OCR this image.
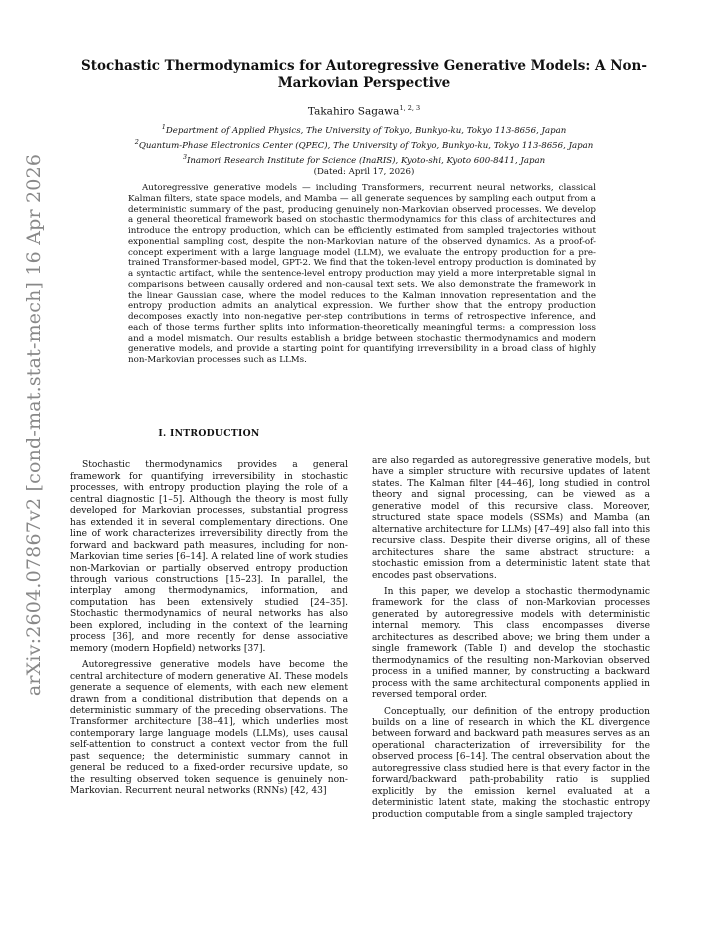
arXiv:2604.07867v2 [cond-mat.stat-mech] 16 Apr 2026
Stochastic Thermodynamics for Autoregressive Generative Models: A Non-Markovian Perspective
Takahiro Sagawa$^{1, 2, 3}$
$^1$Department of Applied Physics, The University of Tokyo, Bunkyo-ku, Tokyo 113-8656, Japan
$^2$Quantum-Phase Electronics Center (QPEC), The University of Tokyo, Bunkyo-ku, Tokyo 113-8656, Japan
$^3$Inamori Research Institute for Science (InaRIS), Kyoto-shi, Kyoto 600-8411, Japan
(Dated: April 17, 2026)
Autoregressive generative models — including Transformers, recurrent neural networks, classical Kalman filters, state space models, and Mamba — all generate sequences by sampling each output from a deterministic summary of the past, producing genuinely non-Markovian observed processes. We develop a general theoretical framework based on stochastic thermodynamics for this class of architectures and introduce the entropy production, which can be efficiently estimated from sampled trajectories without exponential sampling cost, despite the non-Markovian nature of the observed dynamics. As a proof-of-concept experiment with a large language model (LLM), we evaluate the entropy production for a pre-trained Transformer-based model, GPT-2. We find that the token-level entropy production is dominated by a syntactic artifact, while the sentence-level entropy production may yield a more interpretable signal in comparisons between causally ordered and non-causal text sets. We also demonstrate the framework in the linear Gaussian case, where the model reduces to the Kalman innovation representation and the entropy production admits an analytical expression. We further show that the entropy production decomposes exactly into non-negative per-step contributions in terms of retrospective inference, and each of those terms further splits into information-theoretically meaningful terms: a compression loss and a model mismatch. Our results establish a bridge between stochastic thermodynamics and modern generative models, and provide a starting point for quantifying irreversibility in a broad class of highly non-Markovian processes such as LLMs.
I. INTRODUCTION

Stochastic thermodynamics provides a general framework for quantifying irreversibility in stochastic processes, with entropy production playing the role of a central diagnostic [1–5]. Although the theory is most fully developed for Markovian processes, substantial progress has extended it in several complementary directions. One line of work characterizes irreversibility directly from the forward and backward path measures, including for non-Markovian time series [6–14]. A related line of work studies non-Markovian or partially observed entropy production through various constructions [15–23]. In parallel, the interplay among thermodynamics, information, and computation has been extensively studied [24–35]. Stochastic thermodynamics of neural networks has also been explored, including in the context of the learning process [36], and more recently for dense associative memory (modern Hopfield) networks [37].

Autoregressive generative models have become the central architecture of modern generative AI. These models generate a sequence of elements, with each new element drawn from a conditional distribution that depends on a deterministic summary of the preceding observations. The Transformer architecture [38–41], which underlies most contemporary large language models (LLMs), uses causal self-attention to construct a context vector from the full past sequence; the deterministic summary cannot in general be reduced to a fixed-order recursive update, so the resulting observed token sequence is genuinely non-Markovian. Recurrent neural networks (RNNs) [42, 43]

are also regarded as autoregressive generative models, but have a simpler structure with recursive updates of latent states. The Kalman filter [44–46], long studied in control theory and signal processing, can be viewed as a generative model of this recursive class. Moreover, structured state space models (SSMs) and Mamba (an alternative architecture for LLMs) [47–49] also fall into this recursive class. Despite their diverse origins, all of these architectures share the same abstract structure: a stochastic emission from a deterministic latent state that encodes past observations.

In this paper, we develop a stochastic thermodynamic framework for the class of non-Markovian processes generated by autoregressive models with deterministic internal memory. This class encompasses diverse architectures as described above; we bring them under a single framework (Table I) and develop the stochastic thermodynamics of the resulting non-Markovian observed process in a unified manner, by constructing a backward process with the same architectural components applied in reversed temporal order.

Conceptually, our definition of the entropy production builds on a line of research in which the KL divergence between forward and backward path measures serves as an operational characterization of irreversibility for the observed process [6–14]. The central observation about the autoregressive class studied here is that every factor in the forward/backward path-probability ratio is supplied explicitly by the emission kernel evaluated at a deterministic latent state, making the stochastic entropy production computable from a single sampled trajectory
